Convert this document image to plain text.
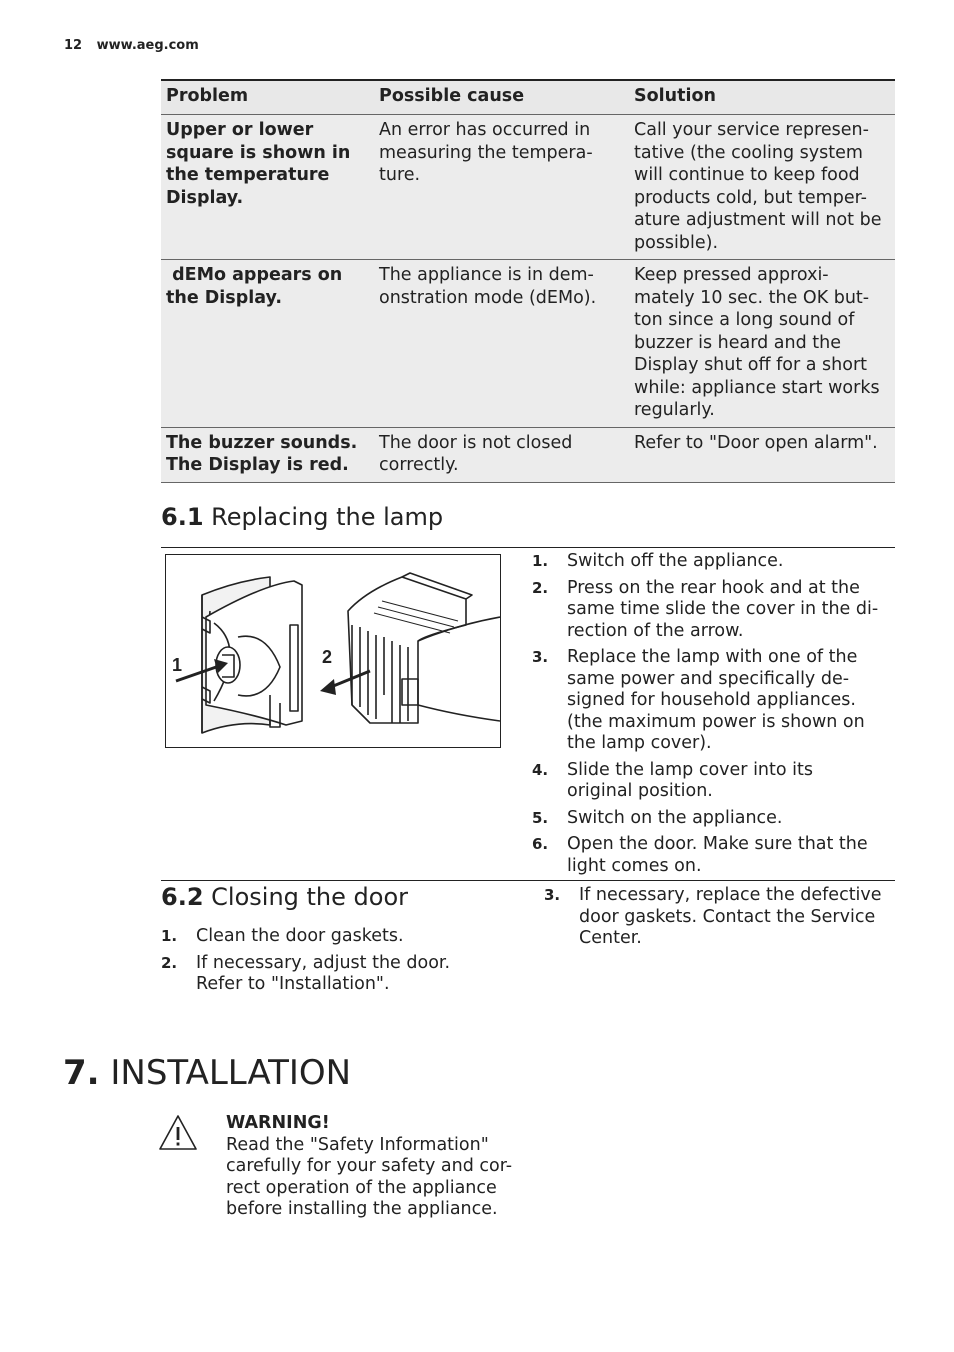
12 www.aeg.com
Problem	Possible cause	Solution
Upper or lower square is shown in the temperature Display.	An error has occurred in measuring the tempera- ture.	Call your service represen- tative (the cooling system will continue to keep food products cold, but temper- ature adjustment will not be possible).
dEMo appears on the Display.	The appliance is in dem- onstration mode (dEMo).	Keep pressed approxi- mately 10 sec. the OK but- ton since a long sound of buzzer is heard and the Display shut off for a short while: appliance start works regularly.
The buzzer sounds. The Display is red.	The door is not closed correctly.	Refer to "Door open alarm".
6.1 Replacing the lamp
1	2
1. Switch off the appliance.
2. Press on the rear hook and at the same time slide the cover in the di- rection of the arrow.
3. Replace the lamp with one of the same power and specifically de- signed for household appliances. (the maximum power is shown on the lamp cover).
4. Slide the lamp cover into its original position.
5. Switch on the appliance.
6. Open the door. Make sure that the light comes on.
6.2 Closing the door
1. Clean the door gaskets.
2. If necessary, adjust the door. Refer to "Installation".
3. If necessary, replace the defective door gaskets. Contact the Service Center.
7. INSTALLATION
WARNING!
Read the "Safety Information" carefully for your safety and cor- rect operation of the appliance before installing the appliance.
